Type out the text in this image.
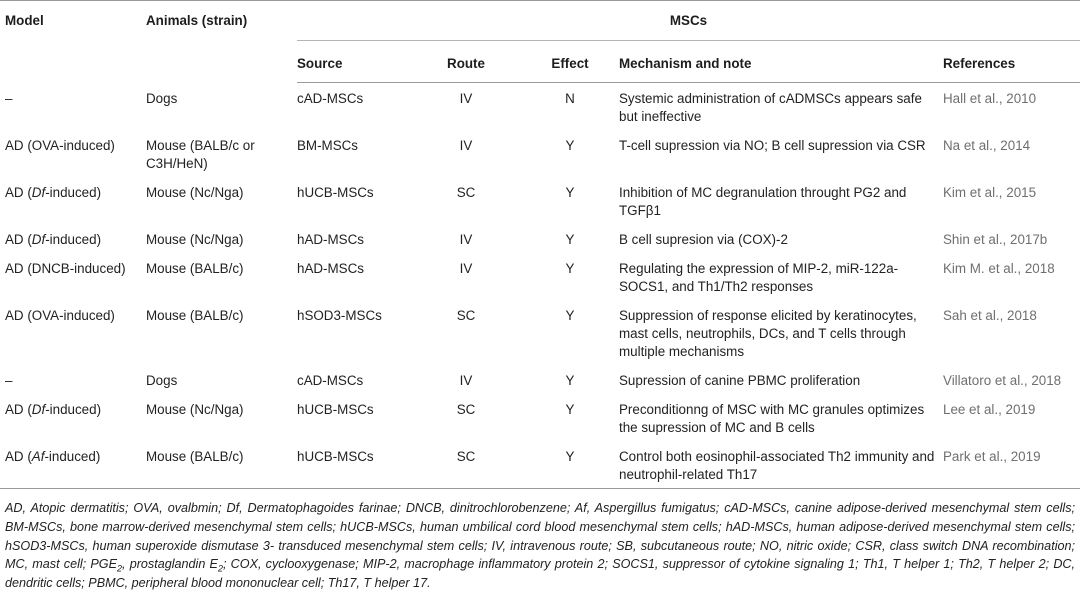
Model	Animals (strain)	MSCs				
		Source	Route	Effect	Mechanism and note	References
–	Dogs	cAD-MSCs	IV	N	Systemic administration of cADMSCs appears safe but ineffective	Hall et al., 2010
AD (OVA-induced)	Mouse (BALB/c or C3H/HeN)	BM-MSCs	IV	Y	T-cell supression via NO; B cell supression via CSR	Na et al., 2014
AD (Df-induced)	Mouse (Nc/Nga)	hUCB-MSCs	SC	Y	Inhibition of MC degranulation throught PG2 and TGFβ1	Kim et al., 2015
AD (Df-induced)	Mouse (Nc/Nga)	hAD-MSCs	IV	Y	B cell supresion via (COX)-2	Shin et al., 2017b
AD (DNCB-induced)	Mouse (BALB/c)	hAD-MSCs	IV	Y	Regulating the expression of MIP-2, miR-122a-SOCS1, and Th1/Th2 responses	Kim M. et al., 2018
AD (OVA-induced)	Mouse (BALB/c)	hSOD3-MSCs	SC	Y	Suppression of response elicited by keratinocytes, mast cells, neutrophils, DCs, and T cells through multiple mechanisms	Sah et al., 2018
–	Dogs	cAD-MSCs	IV	Y	Supression of canine PBMC proliferation	Villatoro et al., 2018
AD (Df-induced)	Mouse (Nc/Nga)	hUCB-MSCs	SC	Y	Preconditionng of MSC with MC granules optimizes the supression of MC and B cells	Lee et al., 2019
AD (Af-induced)	Mouse (BALB/c)	hUCB-MSCs	SC	Y	Control both eosinophil-associated Th2 immunity and neutrophil-related Th17	Park et al., 2019
AD, Atopic dermatitis; OVA, ovalbmin; Df, Dermatophagoides farinae; DNCB, dinitrochlorobenzene; Af, Aspergillus fumigatus; cAD-MSCs, canine adipose-derived mesenchymal stem cells; BM-MSCs, bone marrow-derived mesenchymal stem cells; hUCB-MSCs, human umbilical cord blood mesenchymal stem cells; hAD-MSCs, human adipose-derived mesenchymal stem cells; hSOD3-MSCs, human superoxide dismutase 3- transduced mesenchymal stem cells; IV, intravenous route; SB, subcutaneous route; NO, nitric oxide; CSR, class switch DNA recombination; MC, mast cell; $PGE_2$, prostaglandin $E_2$; COX, cyclooxygenase; MIP-2, macrophage inflammatory protein 2; SOCS1, suppressor of cytokine signaling 1; Th1, T helper 1; Th2, T helper 2; DC, dendritic cells; PBMC, peripheral blood mononuclear cell; Th17, T helper 17.
